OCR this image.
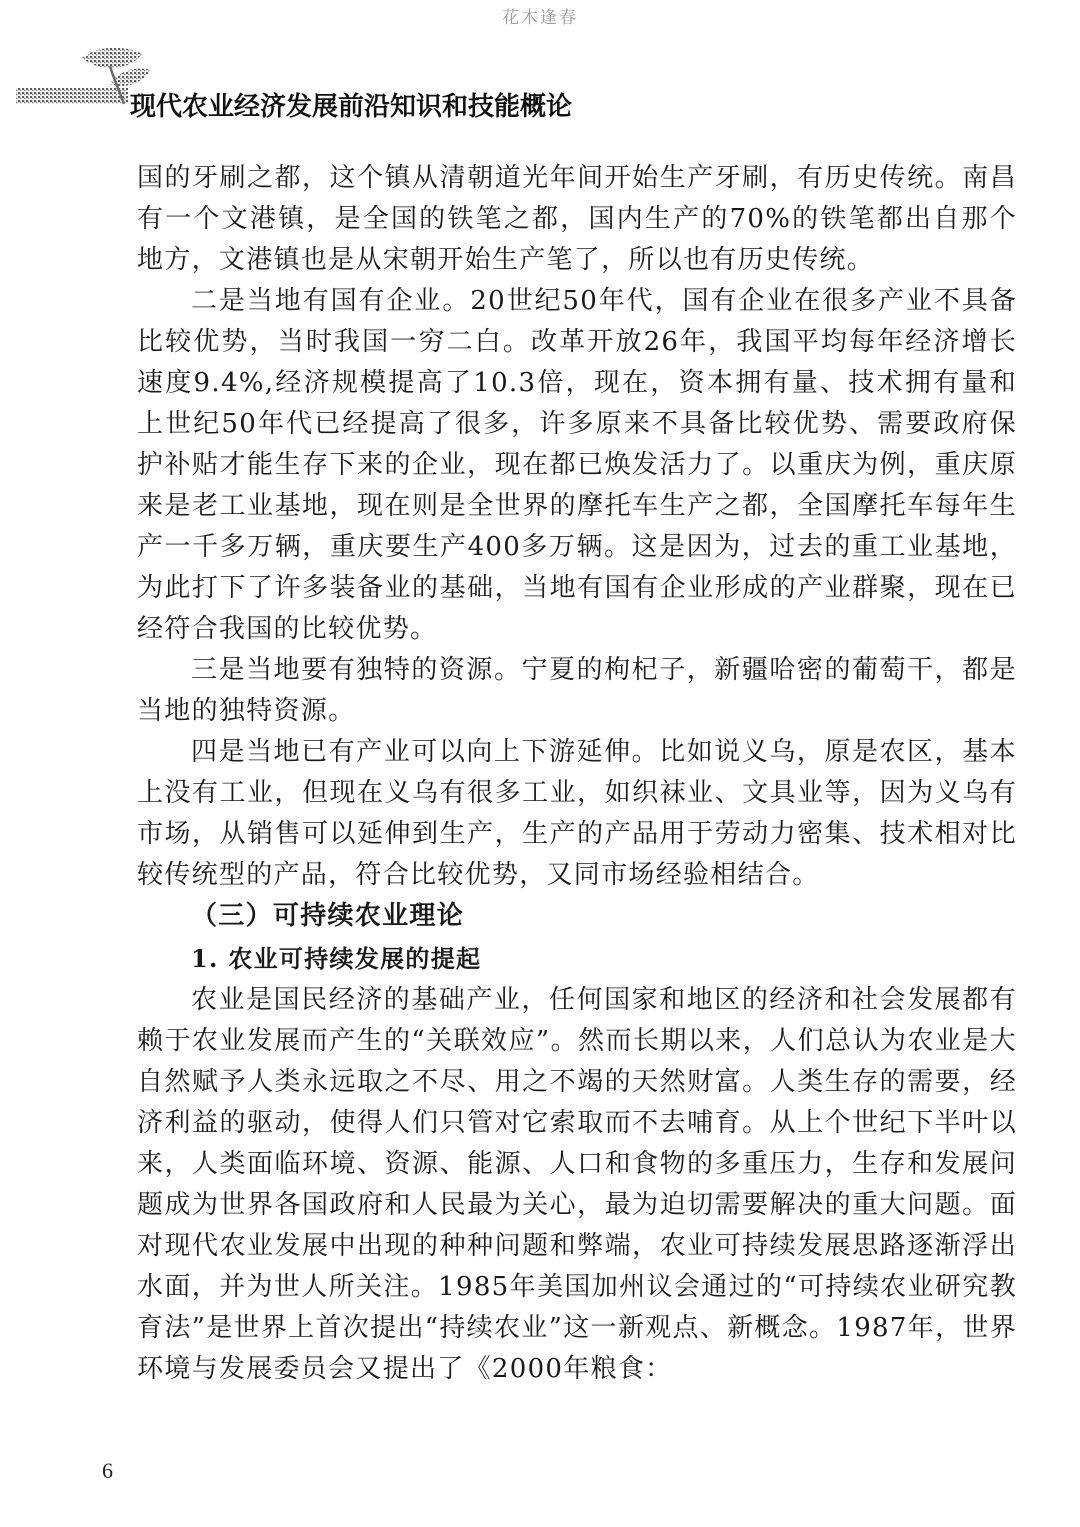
花木逢春
现代农业经济发展前沿知识和技能概论

国的牙刷之都，这个镇从清朝道光年间开始生产牙刷，有历史传统。南昌有一个文港镇，是全国的铁笔之都，国内生产的70%的铁笔都出自那个地方，文港镇也是从宋朝开始生产笔了，所以也有历史传统。

二是当地有国有企业。20世纪50年代，国有企业在很多产业不具备比较优势，当时我国一穷二白。改革开放26年，我国平均每年经济增长速度9.4%,经济规模提高了10.3倍，现在，资本拥有量、技术拥有量和上世纪50年代已经提高了很多，许多原来不具备比较优势、需要政府保护补贴才能生存下来的企业，现在都已焕发活力了。以重庆为例，重庆原来是老工业基地，现在则是全世界的摩托车生产之都，全国摩托车每年生产一千多万辆，重庆要生产400多万辆。这是因为，过去的重工业基地，为此打下了许多装备业的基础，当地有国有企业形成的产业群聚，现在已经符合我国的比较优势。

三是当地要有独特的资源。宁夏的枸杞子，新疆哈密的葡萄干，都是当地的独特资源。

四是当地已有产业可以向上下游延伸。比如说义乌，原是农区，基本上没有工业，但现在义乌有很多工业，如织袜业、文具业等，因为义乌有市场，从销售可以延伸到生产，生产的产品用于劳动力密集、技术相对比较传统型的产品，符合比较优势，又同市场经验相结合。

（三）可持续农业理论
1. 农业可持续发展的提起

农业是国民经济的基础产业，任何国家和地区的经济和社会发展都有赖于农业发展而产生的“关联效应”。然而长期以来，人们总认为农业是大自然赋予人类永远取之不尽、用之不竭的天然财富。人类生存的需要，经济利益的驱动，使得人们只管对它索取而不去哺育。从上个世纪下半叶以来，人类面临环境、资源、能源、人口和食物的多重压力，生存和发展问题成为世界各国政府和人民最为关心，最为迫切需要解决的重大问题。面对现代农业发展中出现的种种问题和弊端，农业可持续发展思路逐渐浮出水面，并为世人所关注。1985年美国加州议会通过的“可持续农业研究教育法”是世界上首次提出“持续农业”这一新观点、新概念。1987年，世界环境与发展委员会又提出了《2000年粮食：

6
